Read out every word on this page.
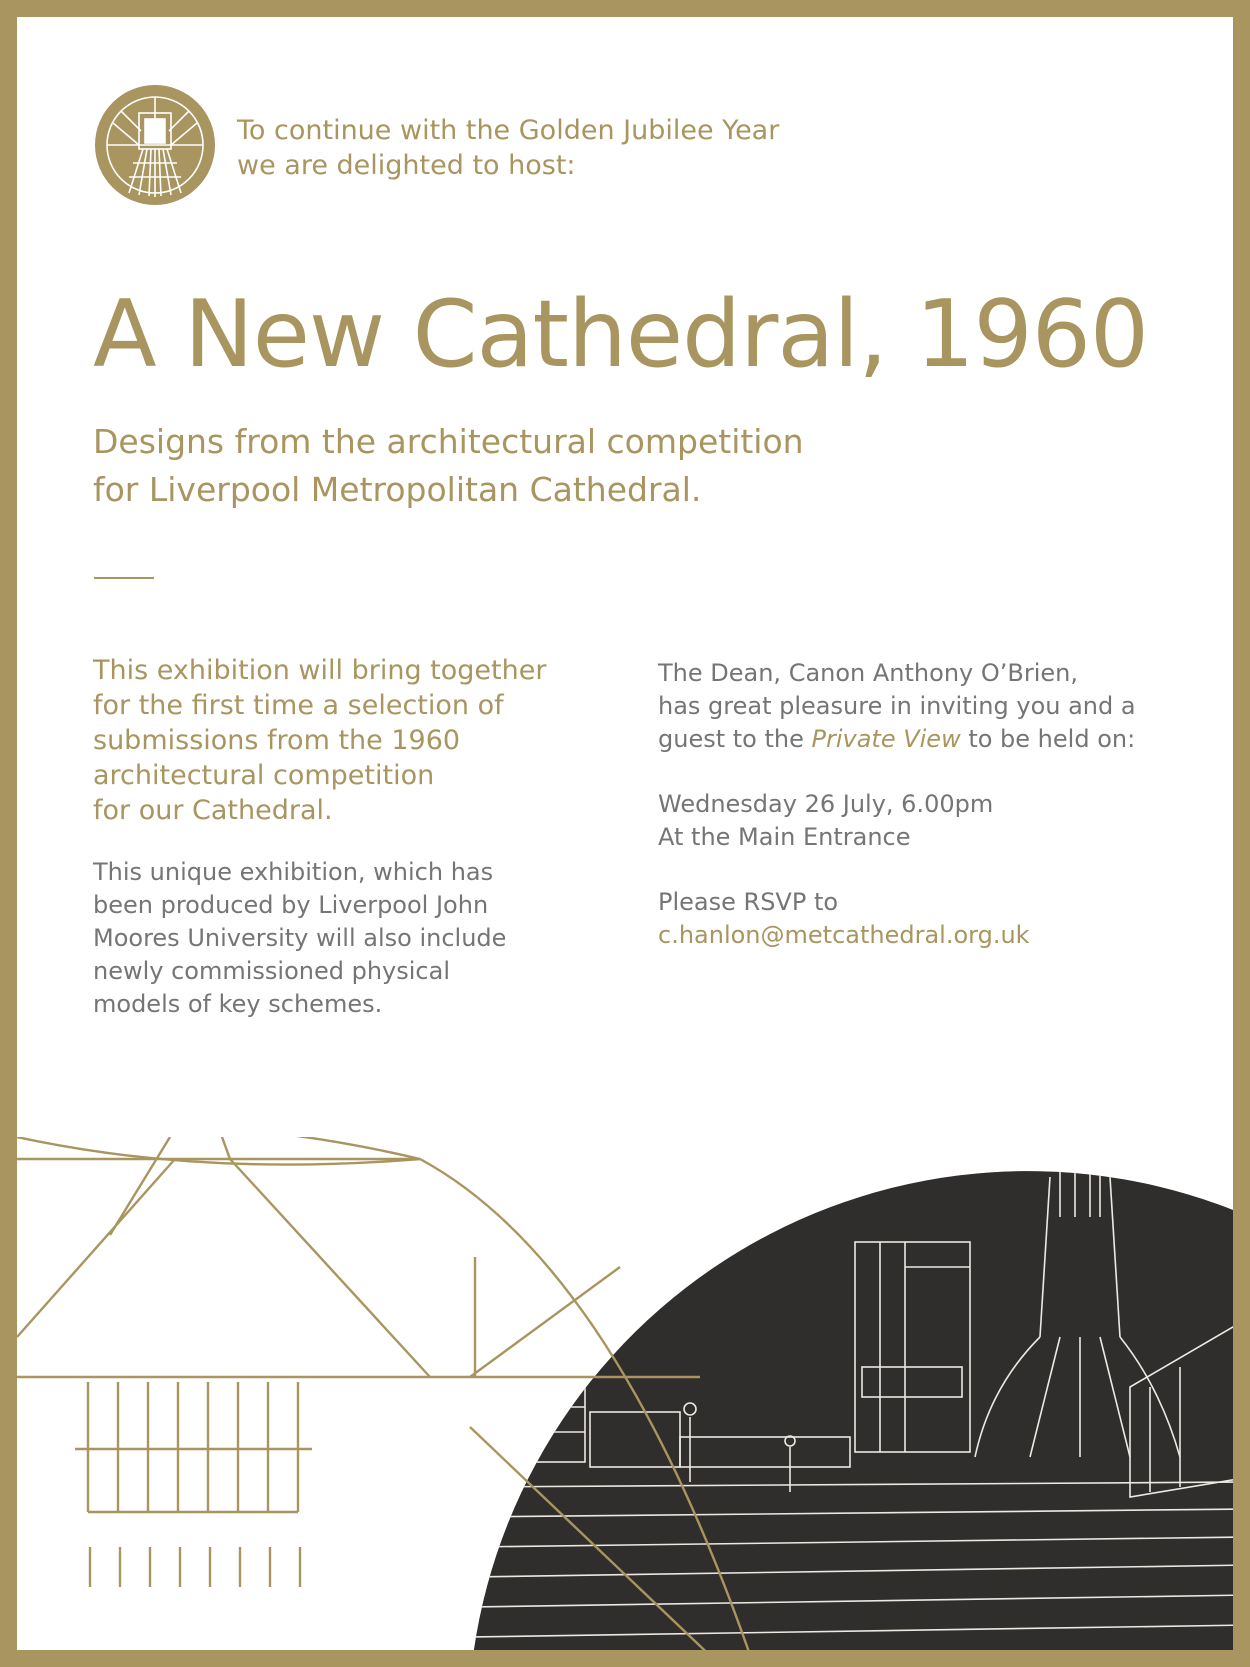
To continue with the Golden Jubilee Year
we are delighted to host:
A New Cathedral, 1960
Designs from the architectural competition
for Liverpool Metropolitan Cathedral.

This exhibition will bring together
for the first time a selection of
submissions from the 1960
architectural competition
for our Cathedral.

This unique exhibition, which has
been produced by Liverpool John
Moores University will also include
newly commissioned physical
models of key schemes.

The Dean, Canon Anthony O’Brien,
has great pleasure in inviting you and a
guest to the Private View to be held on:

Wednesday 26 July, 6.00pm
At the Main Entrance

Please RSVP to
c.hanlon@metcathedral.org.uk
